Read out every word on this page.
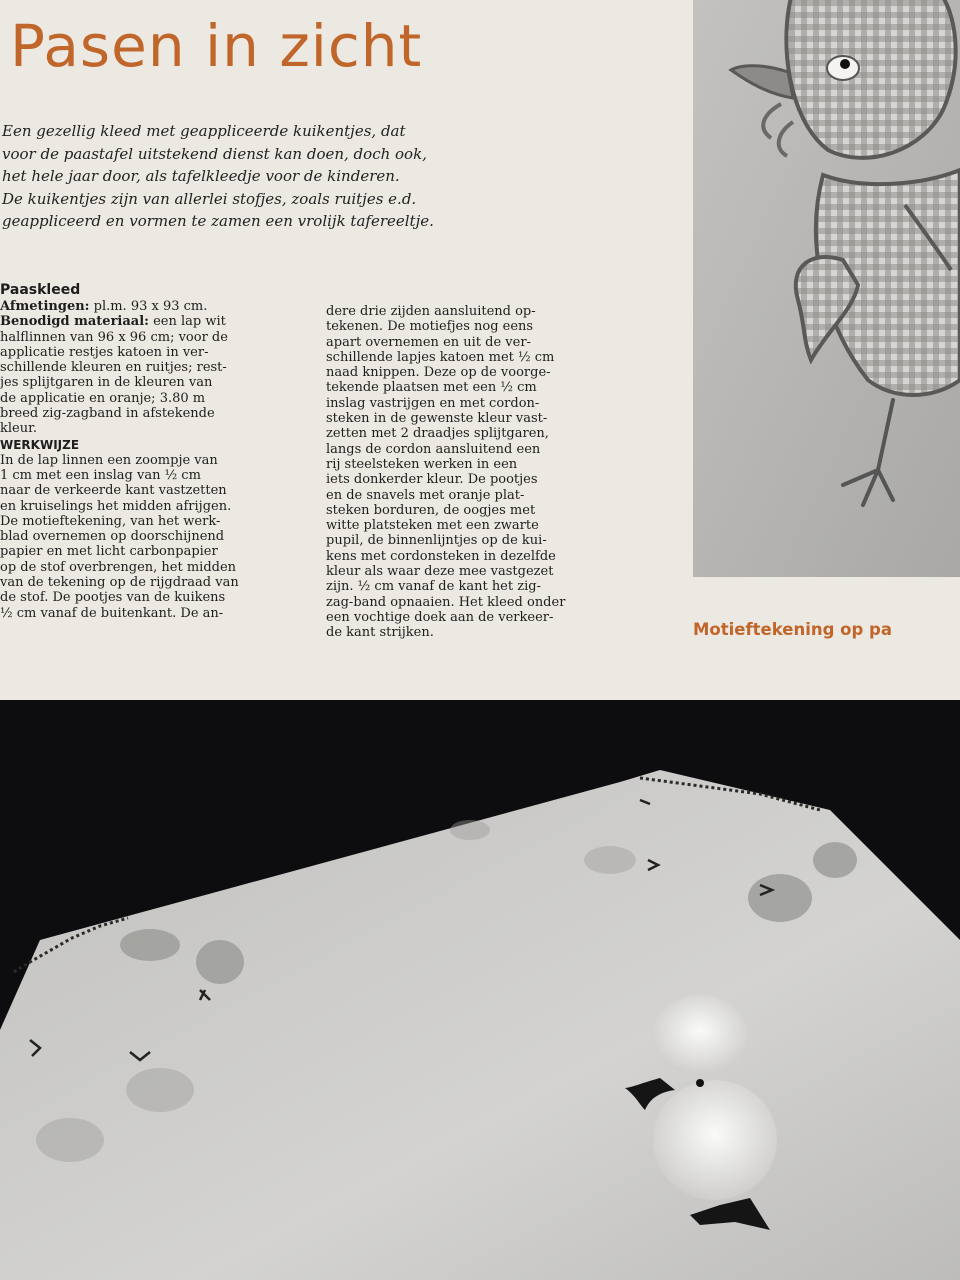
Pasen in zicht
Een gezellig kleed met geappliceerde kuikentjes, dat
voor de paastafel uitstekend dienst kan doen, doch ook,
het hele jaar door, als tafelkleedje voor de kinderen.
De kuikentjes zijn van allerlei stofjes, zoals ruitjes e.d.
geappliceerd en vormen te zamen een vrolijk tafereeltje.
Paaskleed
Afmetingen: pl.m. 93 x 93 cm.
Benodigd materiaal: een lap wit
halflinnen van 96 x 96 cm; voor de
applicatie restjes katoen in ver-
schillende kleuren en ruitjes; rest-
jes splijtgaren in de kleuren van
de applicatie en oranje; 3.80 m
breed zig-zagband in afstekende
kleur.
WERKWIJZE
In de lap linnen een zoompje van
1 cm met een inslag van ½ cm
naar de verkeerde kant vastzetten
en kruiselings het midden afrijgen.
De motieftekening, van het werk-
blad overnemen op doorschijnend
papier en met licht carbonpapier
op de stof overbrengen, het midden
van de tekening op de rijgdraad van
de stof. De pootjes van de kuikens
½ cm vanaf de buitenkant. De an-
dere drie zijden aansluitend op-
tekenen. De motiefjes nog eens
apart overnemen en uit de ver-
schillende lapjes katoen met ½ cm
naad knippen. Deze op de voorge-
tekende plaatsen met een ½ cm
inslag vastrijgen en met cordon-
steken in de gewenste kleur vast-
zetten met 2 draadjes splijtgaren,
langs de cordon aansluitend een
rij steelsteken werken in een
iets donkerder kleur. De pootjes
en de snavels met oranje plat-
steken borduren, de oogjes met
witte platsteken met een zwarte
pupil, de binnenlijntjes op de kui-
kens met cordonsteken in dezelfde
kleur als waar deze mee vastgezet
zijn. ½ cm vanaf de kant het zig-
zag-band opnaaien. Het kleed onder
een vochtige doek aan de verkeer-
de kant strijken.	Motieftekening op pa
